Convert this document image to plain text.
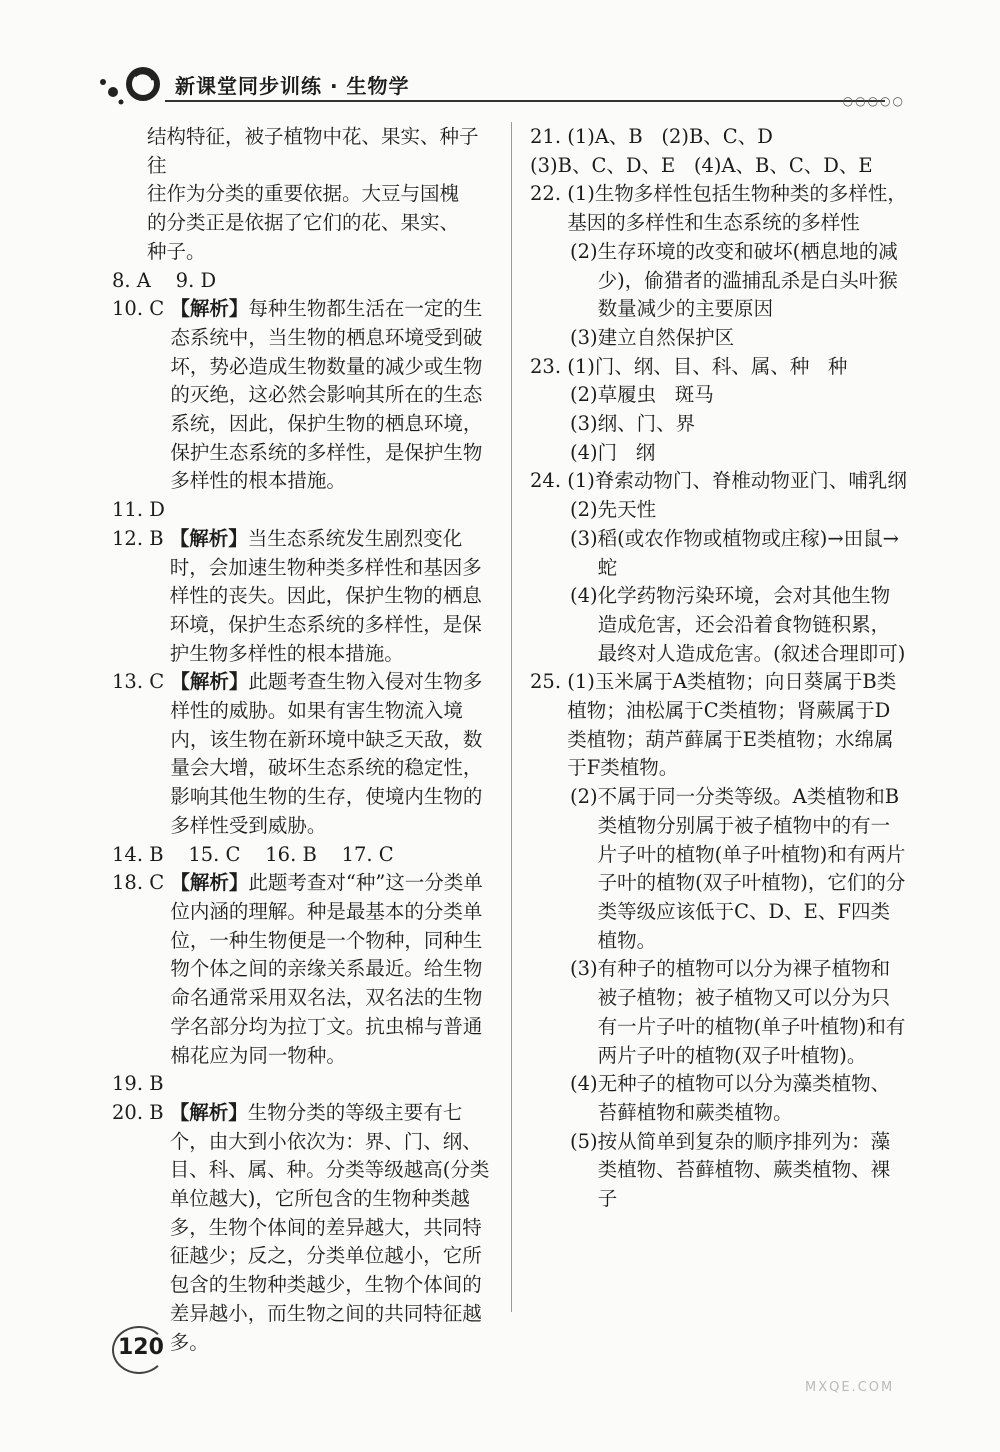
新课堂同步训练 · 生物学
○○○○○
结构特征，被子植物中花、果实、种子往
往作为分类的重要依据。大豆与国槐
的分类正是依据了它们的花、果实、
种子。
8. A    9. D
10. C 【解析】每种生物都生活在一定的生态系统中，当生物的栖息环境受到破坏，势必造成生物数量的减少或生物的灭绝，这必然会影响其所在的生态系统，因此，保护生物的栖息环境，保护生态系统的多样性，是保护生物多样性的根本措施。
11. D
12. B 【解析】当生态系统发生剧烈变化时，会加速生物种类多样性和基因多样性的丧失。因此，保护生物的栖息环境，保护生态系统的多样性，是保护生物多样性的根本措施。
13. C 【解析】此题考查生物入侵对生物多样性的威胁。如果有害生物流入境内，该生物在新环境中缺乏天敌，数量会大增，破坏生态系统的稳定性，影响其他生物的生存，使境内生物的多样性受到威胁。
14. B    15. C    16. B    17. C
18. C 【解析】此题考查对“种”这一分类单位内涵的理解。种是最基本的分类单位，一种生物便是一个物种，同种生物个体之间的亲缘关系最近。给生物命名通常采用双名法，双名法的生物学名部分均为拉丁文。抗虫棉与普通棉花应为同一物种。
19. B
20. B 【解析】生物分类的等级主要有七个，由大到小依次为：界、门、纲、目、科、属、种。分类等级越高(分类单位越大)，它所包含的生物种类越多，生物个体间的差异越大，共同特征越少；反之，分类单位越小，它所包含的生物种类越少，生物个体间的差异越小，而生物之间的共同特征越多。
21. (1)A、B   (2)B、C、D
(3)B、C、D、E   (4)A、B、C、D、E
22. (1)生物多样性包括生物种类的多样性，基因的多样性和生态系统的多样性
(2) 生存环境的改变和破坏(栖息地的减少)，偷猎者的滥捕乱杀是白头叶猴数量减少的主要原因
(3)建立自然保护区
23. (1)门、纲、目、科、属、种   种
(2)草履虫   斑马
(3)纲、门、界
(4)门   纲
24. (1)脊索动物门、脊椎动物亚门、哺乳纲
(2) 先天性
(3) 稻(或农作物或植物或庄稼)→田鼠→蛇
(4) 化学药物污染环境，会对其他生物造成危害，还会沿着食物链积累，最终对人造成危害。(叙述合理即可)
25. (1)玉米属于A类植物；向日葵属于B类植物；油松属于C类植物；肾蕨属于D类植物；葫芦藓属于E类植物；水绵属于F类植物。
(2) 不属于同一分类等级。A类植物和B类植物分别属于被子植物中的有一片子叶的植物(单子叶植物)和有两片子叶的植物(双子叶植物)，它们的分类等级应该低于C、D、E、F四类植物。
(3) 有种子的植物可以分为裸子植物和被子植物；被子植物又可以分为只有一片子叶的植物(单子叶植物)和有两片子叶的植物(双子叶植物)。
(4) 无种子的植物可以分为藻类植物、苔藓植物和蕨类植物。
(5) 按从简单到复杂的顺序排列为：藻类植物、苔藓植物、蕨类植物、裸子
120
MXQE.COM
